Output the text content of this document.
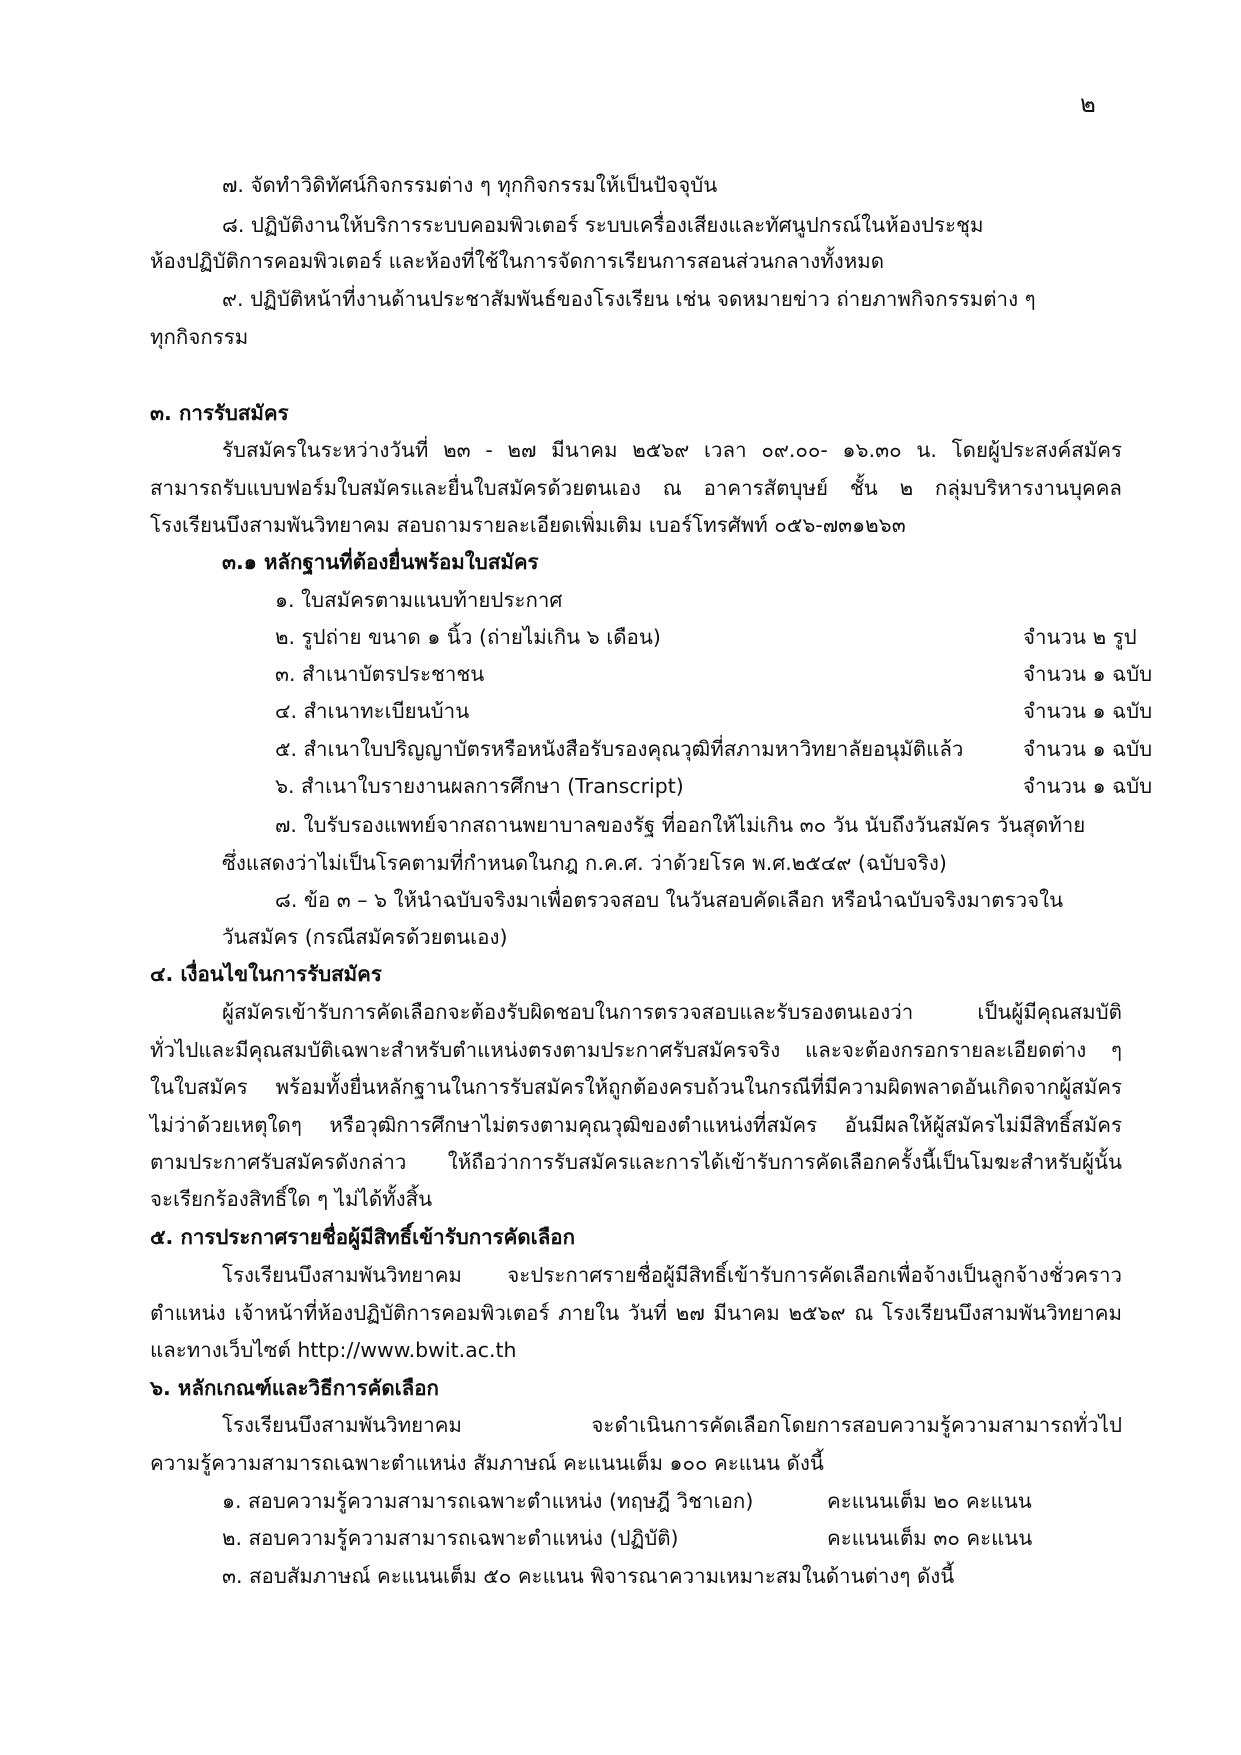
๒
๗. จัดทำวิดิทัศน์กิจกรรมต่าง ๆ ทุกกิจกรรมให้เป็นปัจจุบัน
๘. ปฏิบัติงานให้บริการระบบคอมพิวเตอร์ ระบบเครื่องเสียงและทัศนูปกรณ์ในห้องประชุม
ห้องปฏิบัติการคอมพิวเตอร์ และห้องที่ใช้ในการจัดการเรียนการสอนส่วนกลางทั้งหมด
๙. ปฏิบัติหน้าที่งานด้านประชาสัมพันธ์ของโรงเรียน เช่น จดหมายข่าว ถ่ายภาพกิจกรรมต่าง ๆ
ทุกกิจกรรม
๓. การรับสมัคร
รับสมัครในระหว่างวันที่ ๒๓ - ๒๗ มีนาคม ๒๕๖๙ เวลา ๐๙.๐๐- ๑๖.๓๐ น. โดยผู้ประสงค์สมัคร
สามารถรับแบบฟอร์มใบสมัครและยื่นใบสมัครด้วยตนเอง ณ อาคารสัตบุษย์ ชั้น ๒ กลุ่มบริหารงานบุคคล
โรงเรียนบึงสามพันวิทยาคม สอบถามรายละเอียดเพิ่มเติม เบอร์โทรศัพท์ ๐๕๖-๗๓๑๒๖๓
๓.๑ หลักฐานที่ต้องยื่นพร้อมใบสมัคร
๑. ใบสมัครตามแนบท้ายประกาศ
๒. รูปถ่าย ขนาด ๑ นิ้ว (ถ่ายไม่เกิน ๖ เดือน)	จำนวน ๒ รูป
๓. สำเนาบัตรประชาชน	จำนวน ๑ ฉบับ
๔. สำเนาทะเบียนบ้าน	จำนวน ๑ ฉบับ
๕. สำเนาใบปริญญาบัตรหรือหนังสือรับรองคุณวุฒิที่สภามหาวิทยาลัยอนุมัติแล้ว	จำนวน ๑ ฉบับ
๖. สำเนาใบรายงานผลการศึกษา (Transcript)	จำนวน ๑ ฉบับ
๗. ใบรับรองแพทย์จากสถานพยาบาลของรัฐ ที่ออกให้ไม่เกิน ๓๐ วัน นับถึงวันสมัคร วันสุดท้าย
ซึ่งแสดงว่าไม่เป็นโรคตามที่กำหนดในกฎ ก.ค.ศ. ว่าด้วยโรค พ.ศ.๒๕๔๙ (ฉบับจริง)
๘. ข้อ ๓ – ๖ ให้นำฉบับจริงมาเพื่อตรวจสอบ ในวันสอบคัดเลือก หรือนำฉบับจริงมาตรวจใน
วันสมัคร (กรณีสมัครด้วยตนเอง)
๔. เงื่อนไขในการรับสมัคร
ผู้สมัครเข้ารับการคัดเลือกจะต้องรับผิดชอบในการตรวจสอบและรับรองตนเองว่า เป็นผู้มีคุณสมบัติ
ทั่วไปและมีคุณสมบัติเฉพาะสำหรับตำแหน่งตรงตามประกาศรับสมัครจริง และจะต้องกรอกรายละเอียดต่าง ๆ
ในใบสมัคร พร้อมทั้งยื่นหลักฐานในการรับสมัครให้ถูกต้องครบถ้วนในกรณีที่มีความผิดพลาดอันเกิดจากผู้สมัคร
ไม่ว่าด้วยเหตุใดๆ หรือวุฒิการศึกษาไม่ตรงตามคุณวุฒิของตำแหน่งที่สมัคร อันมีผลให้ผู้สมัครไม่มีสิทธิ์สมัคร
ตามประกาศรับสมัครดังกล่าว ให้ถือว่าการรับสมัครและการได้เข้ารับการคัดเลือกครั้งนี้เป็นโมฆะสำหรับผู้นั้น
จะเรียกร้องสิทธิ์ใด ๆ ไม่ได้ทั้งสิ้น
๕. การประกาศรายชื่อผู้มีสิทธิ์เข้ารับการคัดเลือก
โรงเรียนบึงสามพันวิทยาคม จะประกาศรายชื่อผู้มีสิทธิ์เข้ารับการคัดเลือกเพื่อจ้างเป็นลูกจ้างชั่วคราว
ตำแหน่ง เจ้าหน้าที่ห้องปฏิบัติการคอมพิวเตอร์ ภายใน วันที่ ๒๗ มีนาคม ๒๕๖๙ ณ โรงเรียนบึงสามพันวิทยาคม
และทางเว็บไซต์ http://www.bwit.ac.th
๖. หลักเกณฑ์และวิธีการคัดเลือก
โรงเรียนบึงสามพันวิทยาคม จะดำเนินการคัดเลือกโดยการสอบความรู้ความสามารถทั่วไป
ความรู้ความสามารถเฉพาะตำแหน่ง สัมภาษณ์ คะแนนเต็ม ๑๐๐ คะแนน ดังนี้
๑. สอบความรู้ความสามารถเฉพาะตำแหน่ง (ทฤษฎี วิชาเอก)	คะแนนเต็ม ๒๐ คะแนน
๒. สอบความรู้ความสามารถเฉพาะตำแหน่ง (ปฏิบัติ)	คะแนนเต็ม ๓๐ คะแนน
๓. สอบสัมภาษณ์ คะแนนเต็ม ๕๐ คะแนน พิจารณาความเหมาะสมในด้านต่างๆ ดังนี้
